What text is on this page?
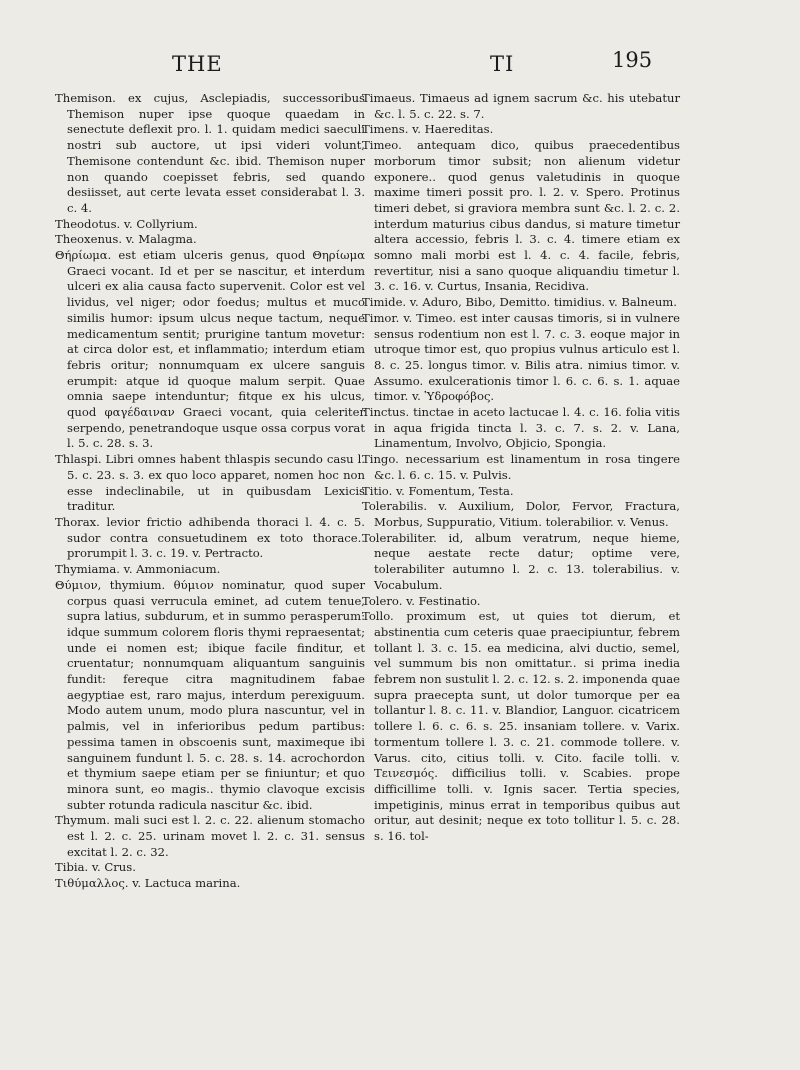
THE	TI	195

Themison. ex cujus, Asclepiadis, successoribus Themison nuper ipse quoque quaedam in senectute deflexit pro. l. 1. quidam medici saeculi nostri sub auctore, ut ipsi videri volunt, Themisone contendunt &c. ibid. Themison nuper non quando coepisset febris, sed quando desiisset, aut certe levata esset considerabat l. 3. c. 4.

Theodotus. v. Collyrium.

Theoxenus. v. Malagma.

Θήρίωμα. est etiam ulceris genus, quod Θηρίωμα Graeci vocant. Id et per se nascitur, et interdum ulceri ex alia causa facto supervenit. Color est vel lividus, vel niger; odor foedus; multus et muco similis humor: ipsum ulcus neque tactum, neque medicamentum sentit; prurigine tantum movetur: at circa dolor est, et inflammatio; interdum etiam febris oritur; nonnumquam ex ulcere sanguis erumpit: atque id quoque malum serpit. Quae omnia saepe intenduntur; fitque ex his ulcus, quod φαγέδαιναν Graeci vocant, quia celeriter serpendo, penetrandoque usque ossa corpus vorat l. 5. c. 28. s. 3.

Thlaspi. Libri omnes habent thlaspis secundo casu l. 5. c. 23. s. 3. ex quo loco apparet, nomen hoc non esse indeclinabile, ut in quibusdam Lexicis traditur.

Thorax. levior frictio adhibenda thoraci l. 4. c. 5. sudor contra consuetudinem ex toto thorace.. prorumpit l. 3. c. 19. v. Pertracto.

Thymiama. v. Ammoniacum.

Θύμιον, thymium. θύμιον nominatur, quod super corpus quasi verrucula eminet, ad cutem tenue, supra latius, subdurum, et in summo perasperum: idque summum colorem floris thymi repraesentat; unde ei nomen est; ibique facile finditur, et cruentatur; nonnumquam aliquantum sanguinis fundit: fereque citra magnitudinem fabae aegyptiae est, raro majus, interdum perexiguum. Modo autem unum, modo plura nascuntur, vel in palmis, vel in inferioribus pedum partibus: pessima tamen in obscoenis sunt, maximeque ibi sanguinem fundunt l. 5. c. 28. s. 14. acrochordon et thymium saepe etiam per se finiuntur; et quo minora sunt, eo magis.. thymio clavoque excisis subter rotunda radicula nascitur &c. ibid.

Thymum. mali suci est l. 2. c. 22. alienum stomacho est l. 2. c. 25. urinam movet l. 2. c. 31. sensus excitat l. 2. c. 32.

Tibia. v. Crus.

Τιθύμαλλος. v. Lactuca marina.

Timaeus. Timaeus ad ignem sacrum &c. his utebatur &c. l. 5. c. 22. s. 7.

Timens. v. Haereditas.

Timeo. antequam dico, quibus praecedentibus morborum timor subsit; non alienum videtur exponere.. quod genus valetudinis in quoque maxime timeri possit pro. l. 2. v. Spero. Protinus timeri debet, si graviora membra sunt &c. l. 2. c. 2. interdum maturius cibus dandus, si mature timetur altera accessio, febris l. 3. c. 4. timere etiam ex somno mali morbi est l. 4. c. 4. facile, febris, revertitur, nisi a sano quoque aliquandiu timetur l. 3. c. 16. v. Curtus, Insania, Recidiva.

Timide. v. Aduro, Bibo, Demitto. timidius. v. Balneum.

Timor. v. Timeo. est inter causas timoris, si in vulnere sensus rodentium non est l. 7. c. 3. eoque major in utroque timor est, quo propius vulnus articulo est l. 8. c. 25. longus timor. v. Bilis atra. nimius timor. v. Assumo. exulcerationis timor l. 6. c. 6. s. 1. aquae timor. v. Ὑδροφόβος.

Tinctus. tinctae in aceto lactucae l. 4. c. 16. folia vitis in aqua frigida tincta l. 3. c. 7. s. 2. v. Lana, Linamentum, Involvo, Objicio, Spongia.

Tingo. necessarium est linamentum in rosa tingere &c. l. 6. c. 15. v. Pulvis.

Titio. v. Fomentum, Testa.

Tolerabilis. v. Auxilium, Dolor, Fervor, Fractura, Morbus, Suppuratio, Vitium. tolerabilior. v. Venus.

Tolerabiliter. id, album veratrum, neque hieme, neque aestate recte datur; optime vere, tolerabiliter autumno l. 2. c. 13. tolerabilius. v. Vocabulum.

Tolero. v. Festinatio.

Tollo. proximum est, ut quies tot dierum, et abstinentia cum ceteris quae praecipiuntur, febrem tollant l. 3. c. 15. ea medicina, alvi ductio, semel, vel summum bis non omittatur.. si prima inedia febrem non sustulit l. 2. c. 12. s. 2. imponenda quae supra praecepta sunt, ut dolor tumorque per ea tollantur l. 8. c. 11. v. Blandior, Languor. cicatricem tollere l. 6. c. 6. s. 25. insaniam tollere. v. Varix. tormentum tollere l. 3. c. 21. commode tollere. v. Varus. cito, citius tolli. v. Cito. facile tolli. v. Τεινεσμός. difficilius tolli. v. Scabies. prope difficillime tolli. v. Ignis sacer. Tertia species, impetiginis, minus errat in temporibus quibus aut oritur, aut desinit; neque ex toto tollitur l. 5. c. 28. s. 16. tol-
